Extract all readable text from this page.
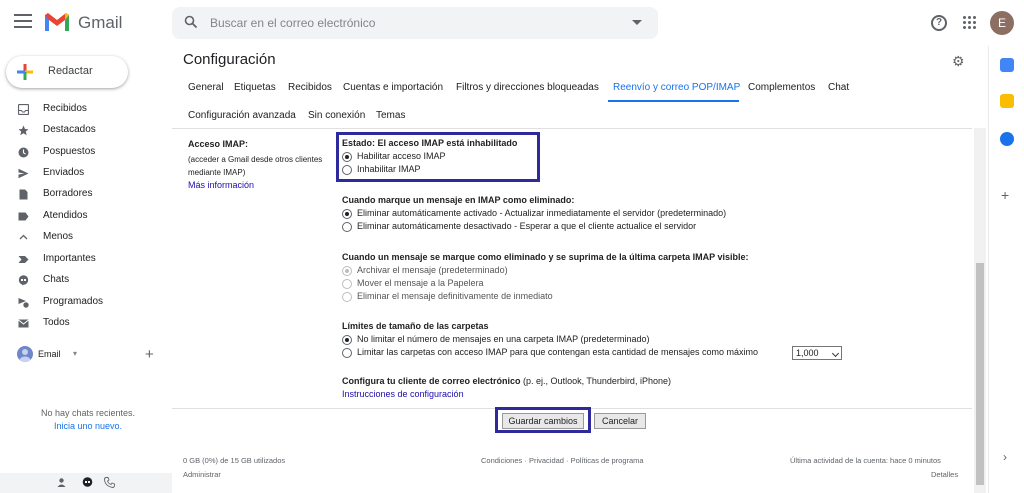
Gmail
Buscar en el correo electrónico	?	E
Redactar
Recibidos
Destacados
Pospuestos
Enviados
Borradores
Atendidos
Menos
Importantes
Chats
Programados
Todos
Email ▾	+
No hay chats recientes.
Inicia uno nuevo.
Configuración	⚙
General Etiquetas Recibidos Cuentas e importación Filtros y direcciones bloqueadas Reenvío y correo POP/IMAP Complementos Chat
Configuración avanzada Sin conexión Temas
Acceso IMAP:
(acceder a Gmail desde otros clientes
mediante IMAP)
Más información
Estado: El acceso IMAP está inhabilitado
Habilitar acceso IMAP
Inhabilitar IMAP
Cuando marque un mensaje en IMAP como eliminado:
Eliminar automáticamente activado - Actualizar inmediatamente el servidor (predeterminado)
Eliminar automáticamente desactivado - Esperar a que el cliente actualice el servidor
Cuando un mensaje se marque como eliminado y se suprima de la última carpeta IMAP visible:
Archivar el mensaje (predeterminado)
Mover el mensaje a la Papelera
Eliminar el mensaje definitivamente de inmediato
Límites de tamaño de las carpetas
No limitar el número de mensajes en una carpeta IMAP (predeterminado)
Limitar las carpetas con acceso IMAP para que contengan esta cantidad de mensajes como máximo	1,000
Configura tu cliente de correo electrónico (p. ej., Outlook, Thunderbird, iPhone)
Instrucciones de configuración
Guardar cambios	Cancelar
0 GB (0%) de 15 GB utilizados
Administrar
Condiciones · Privacidad · Políticas de programa	Última actividad de la cuenta: hace 0 minutos
Detalles
+
›
